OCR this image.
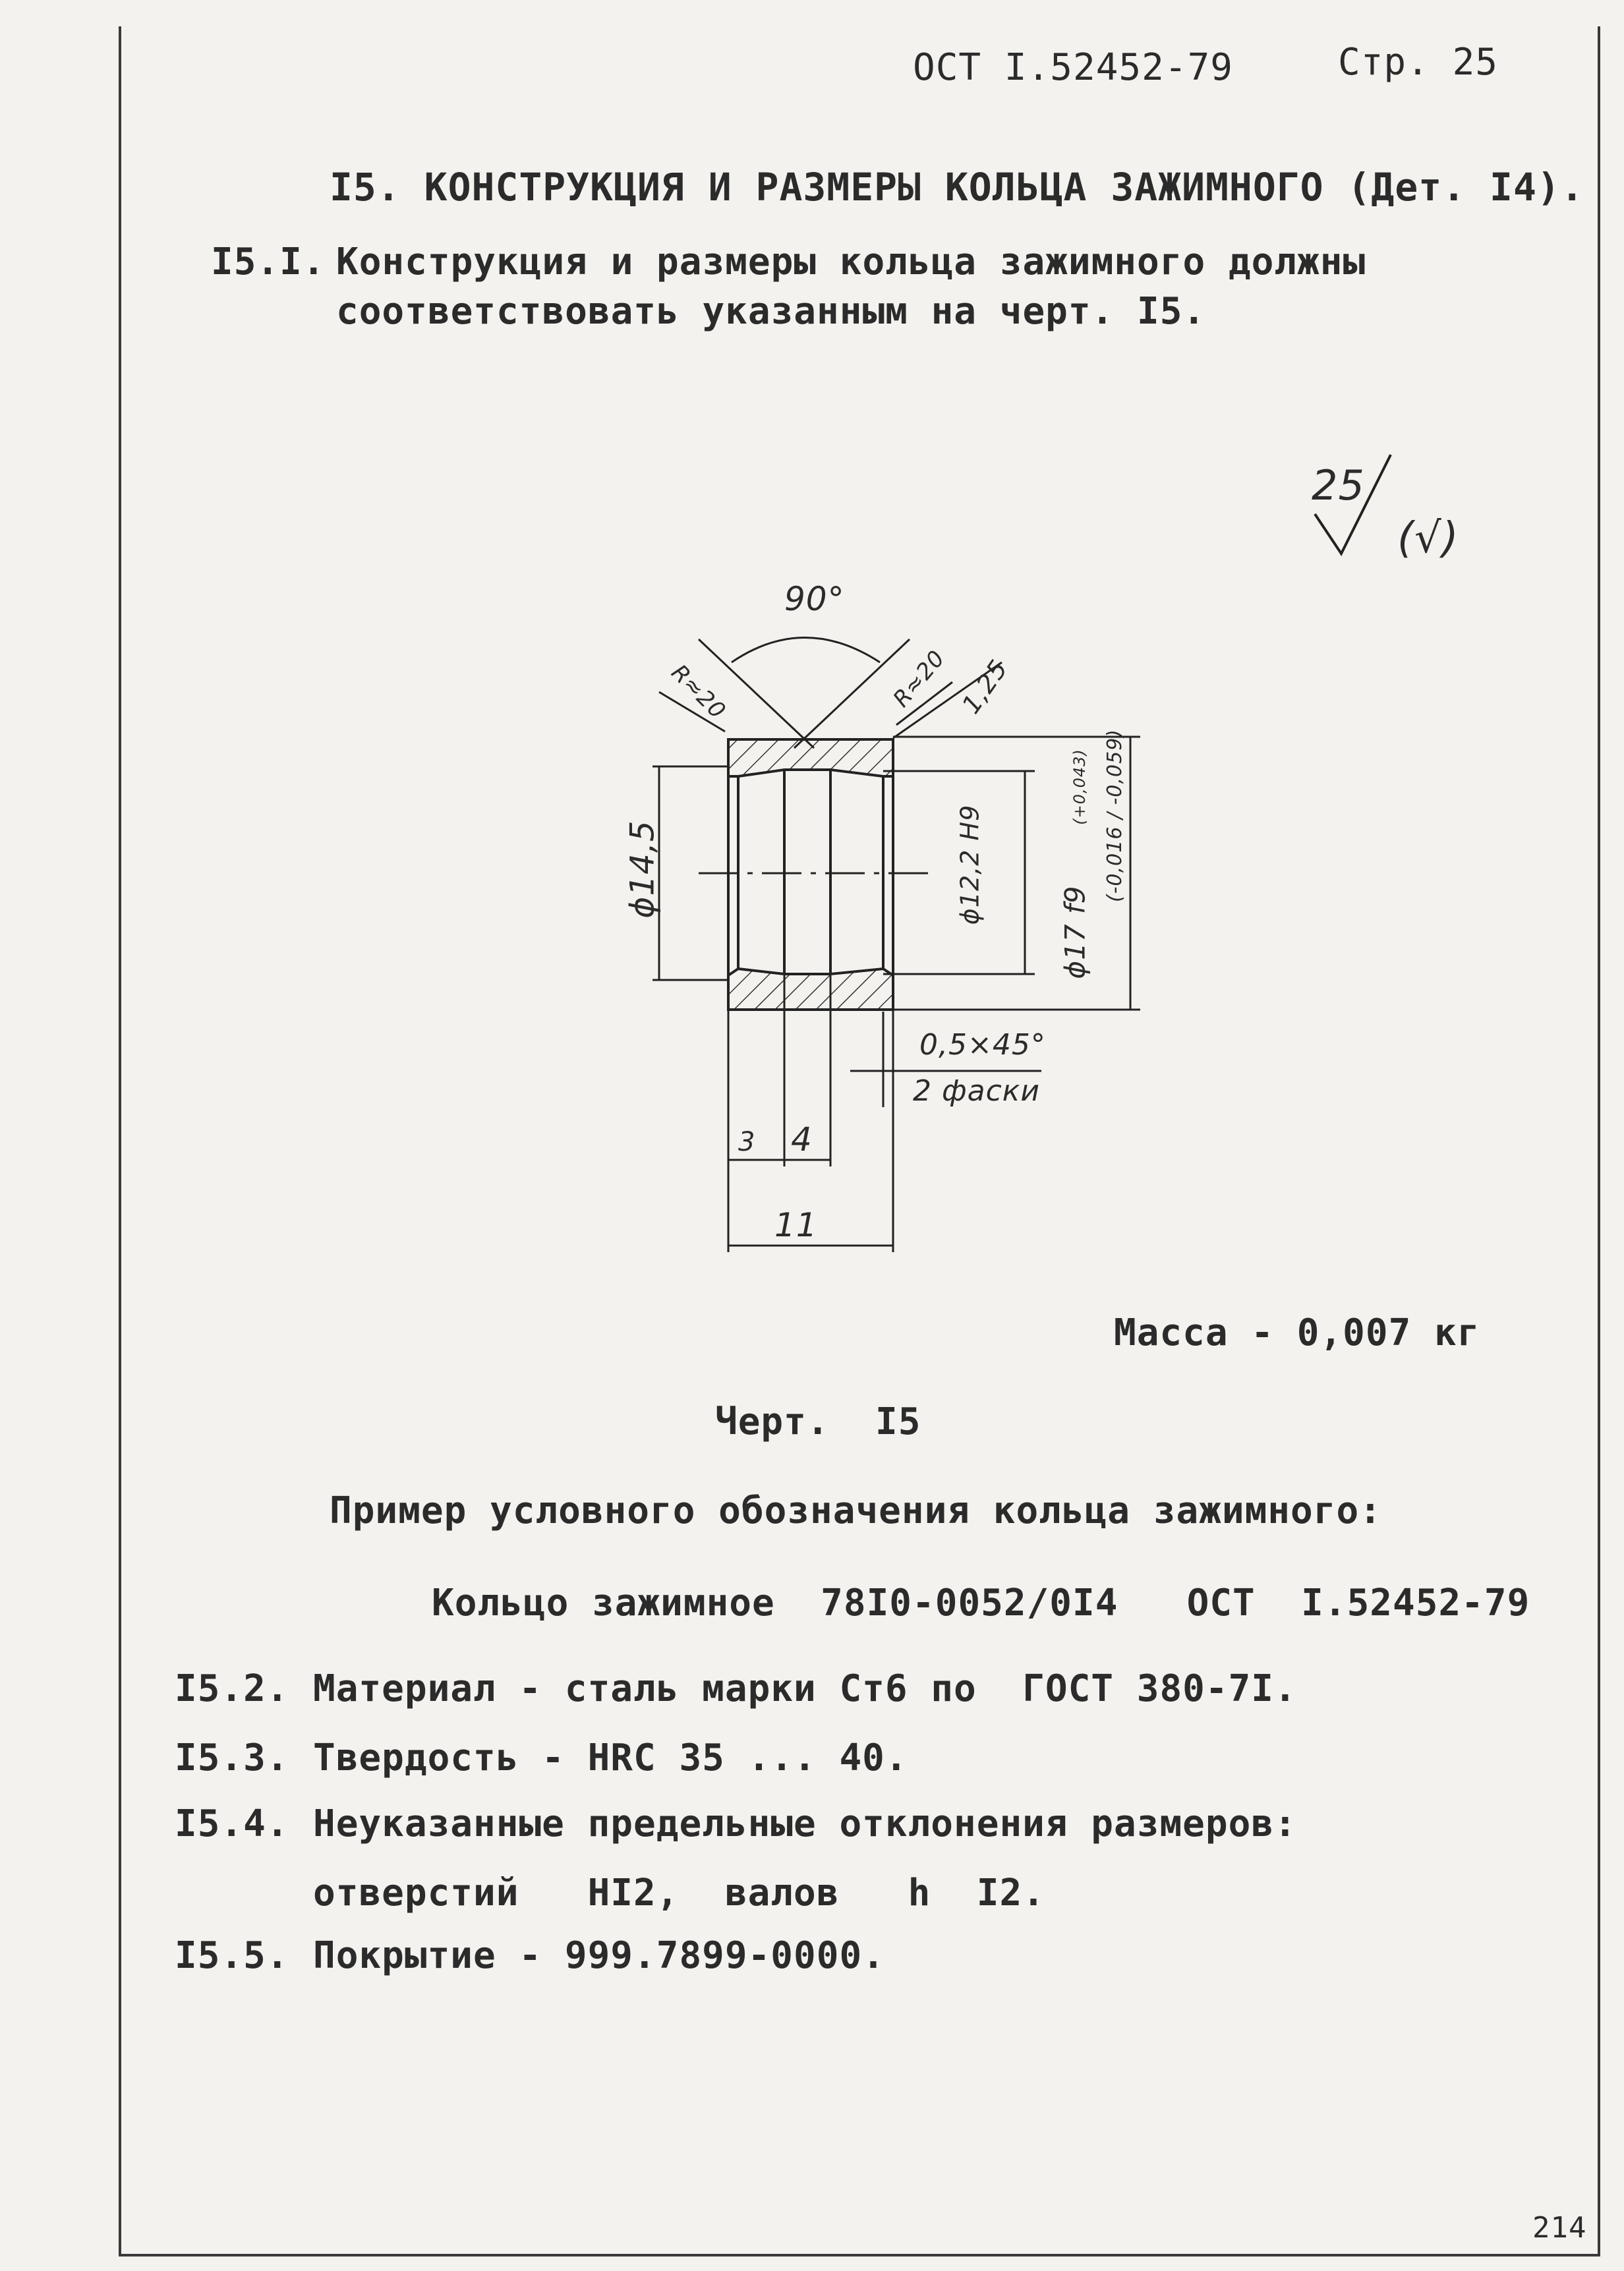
ОСТ I.52452-79	Стр. 25
I5. КОНСТРУКЦИЯ И РАЗМЕРЫ КОЛЬЦА ЗАЖИМНОГО (Дет. I4).
I5.I. Конструкция и размеры кольца зажимного должны
соответствовать указанным на черт. I5.
25
(√)
90°
R≈20	R≈20 1,25
ϕ14,5	ϕ12,2 H9
(+0,043)
ϕ17 f9
(-0,016 / -0,059)
0,5×45°
2 фаски
3 4
11
Масса - 0,007 кг
Черт.  I5
Пример условного обозначения кольца зажимного:
Кольцо зажимное  78I0-0052/0I4   ОСТ  I.52452-79
I5.2. Материал - сталь марки Ст6 по  ГОСТ 380-7I.
I5.3. Твердость - HRC 35 ... 40.
I5.4. Неуказанные предельные отклонения размеров:
отверстий   HI2,  валов   h  I2.
I5.5. Покрытие - 999.7899-0000.
214
